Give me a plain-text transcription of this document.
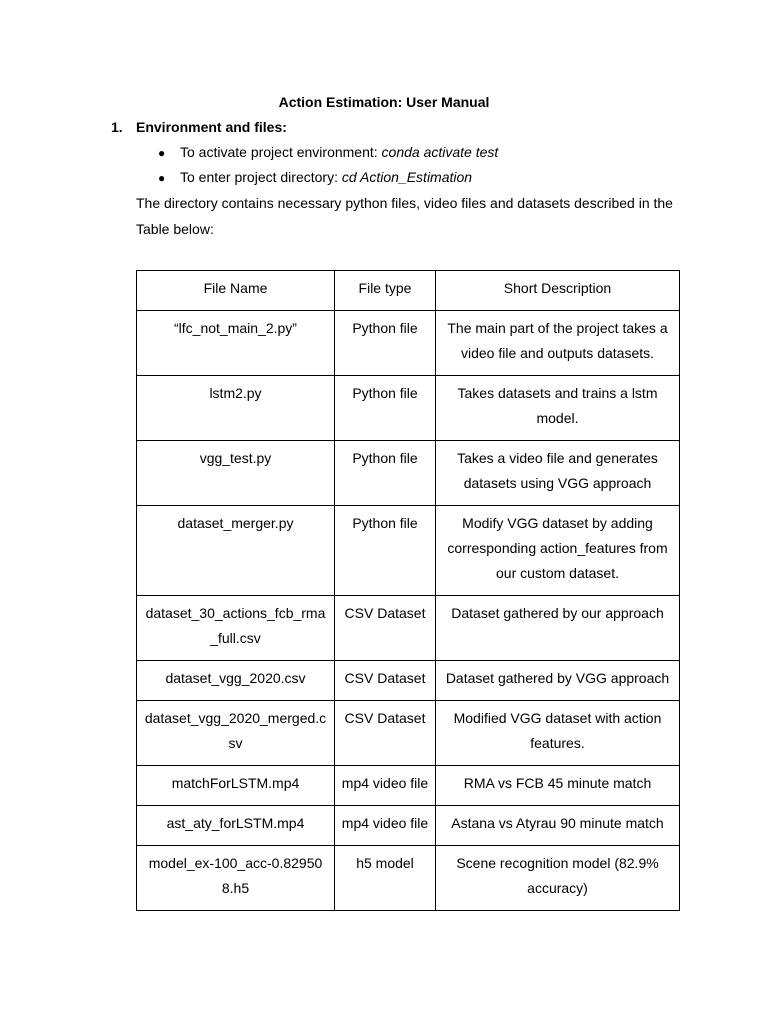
Action Estimation: User Manual
1. Environment and files:
● To activate project environment: conda activate test
● To enter project directory: cd Action_Estimation
The directory contains necessary python files, video files and datasets described in the Table below:
File Name	File type	Short Description
“lfc_not_main_2.py”	Python file	The main part of the project takes a video file and outputs datasets.
lstm2.py	Python file	Takes datasets and trains a lstm model.
vgg_test.py	Python file	Takes a video file and generates datasets using VGG approach
dataset_merger.py	Python file	Modify VGG dataset by adding corresponding action_features from our custom dataset.
dataset_30_actions_fcb_rma_full.csv	CSV Dataset	Dataset gathered by our approach
dataset_vgg_2020.csv	CSV Dataset	Dataset gathered by VGG approach
dataset_vgg_2020_merged.csv	CSV Dataset	Modified VGG dataset with action features.
matchForLSTM.mp4	mp4 video file	RMA vs FCB 45 minute match
ast_aty_forLSTM.mp4	mp4 video file	Astana vs Atyrau 90 minute match
model_ex-100_acc-0.829508.h5	h5 model	Scene recognition model (82.9% accuracy)
